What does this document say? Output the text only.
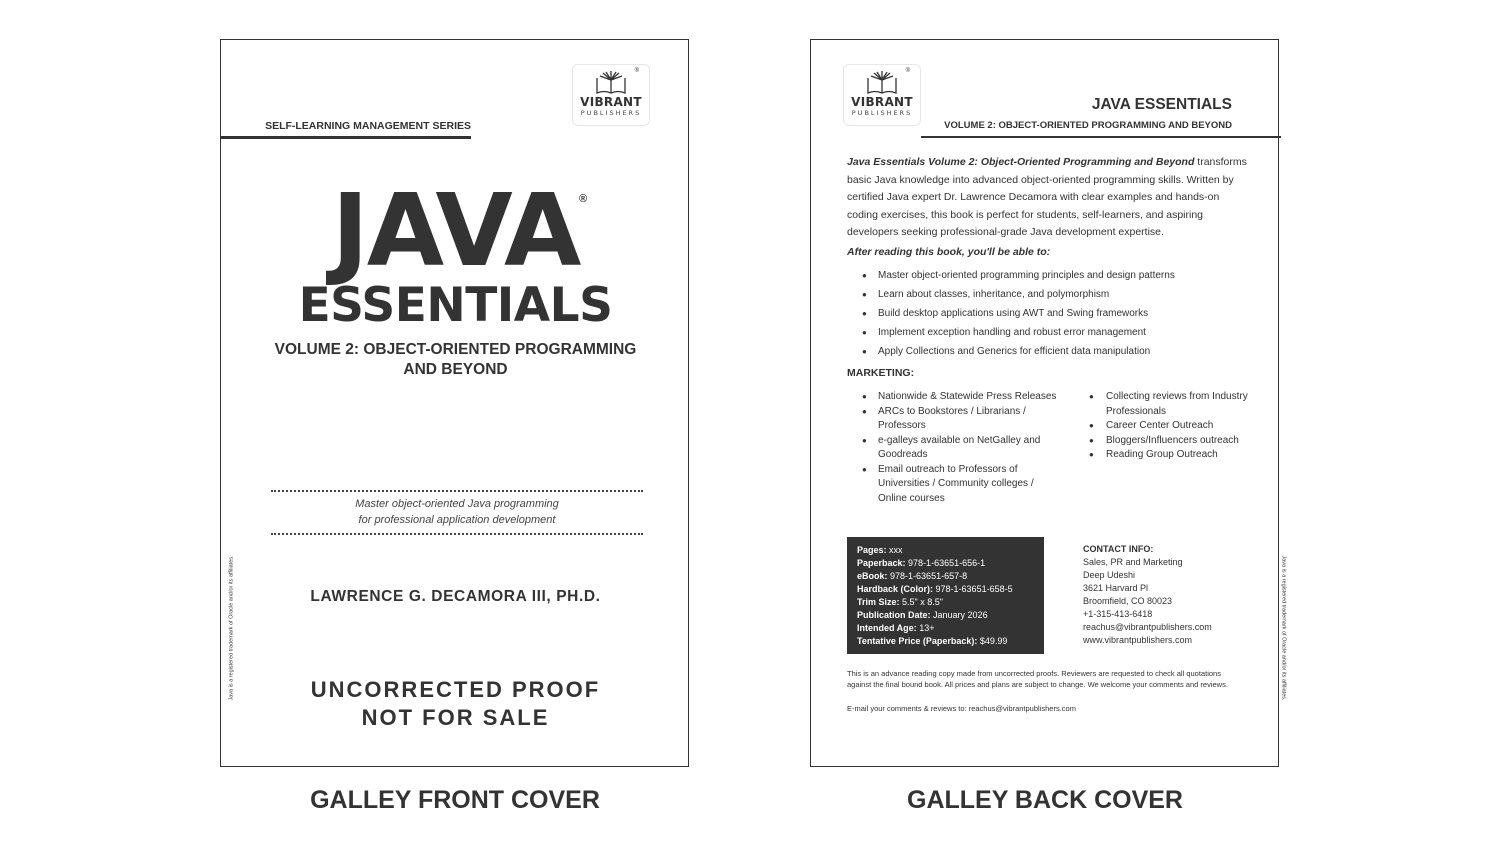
®
VIBRANT
PUBLISHERS
SELF-LEARNING MANAGEMENT SERIES
JAVA ®
ESSENTIALS
VOLUME 2: OBJECT-ORIENTED PROGRAMMING
AND BEYOND
Master object-oriented Java programming
for professional application development
LAWRENCE G. DECAMORA III, PH.D.
UNCORRECTED PROOF
NOT FOR SALE
Java is a registered trademark of Oracle and/or its affiliates.
®
VIBRANT
PUBLISHERS	JAVA ESSENTIALS
VOLUME 2: OBJECT-ORIENTED PROGRAMMING AND BEYOND
Java Essentials Volume 2: Object-Oriented Programming and Beyond transforms basic Java knowledge into advanced object-oriented programming skills. Written by certified Java expert Dr. Lawrence Decamora with clear examples and hands-on coding exercises, this book is perfect for students, self-learners, and aspiring developers seeking professional-grade Java development expertise.
After reading this book, you'll be able to:
● Master object-oriented programming principles and design patterns
● Learn about classes, inheritance, and polymorphism
● Build desktop applications using AWT and Swing frameworks
● Implement exception handling and robust error management
● Apply Collections and Generics for efficient data manipulation
MARKETING:
● Nationwide & Statewide Press Releases
● ARCs to Bookstores / Librarians / Professors
● e-galleys available on NetGalley and Goodreads
● Email outreach to Professors of Universities / Community colleges / Online courses
● Collecting reviews from Industry Professionals
● Career Center Outreach
● Bloggers/Influencers outreach
● Reading Group Outreach
Pages: xxx
Paperback: 978-1-63651-656-1
eBook: 978-1-63651-657-8
Hardback (Color): 978-1-63651-658-5
Trim Size: 5.5" x 8.5"
Publication Date: January 2026
Intended Age: 13+
Tentative Price (Paperback): $49.99
CONTACT INFO:
Sales, PR and Marketing
Deep Udeshi
3621 Harvard Pl
Broomfield, CO 80023
+1-315-413-6418
reachus@vibrantpublishers.com
www.vibrantpublishers.com
This is an advance reading copy made from uncorrected proofs. Reviewers are requested to check all quotations against the final bound book. All prices and plans are subject to change. We welcome your comments and reviews.
E-mail your comments & reviews to: reachus@vibrantpublishers.com
Java is a registered trademark of Oracle and/or its affiliates.
GALLEY FRONT COVER	GALLEY BACK COVER
